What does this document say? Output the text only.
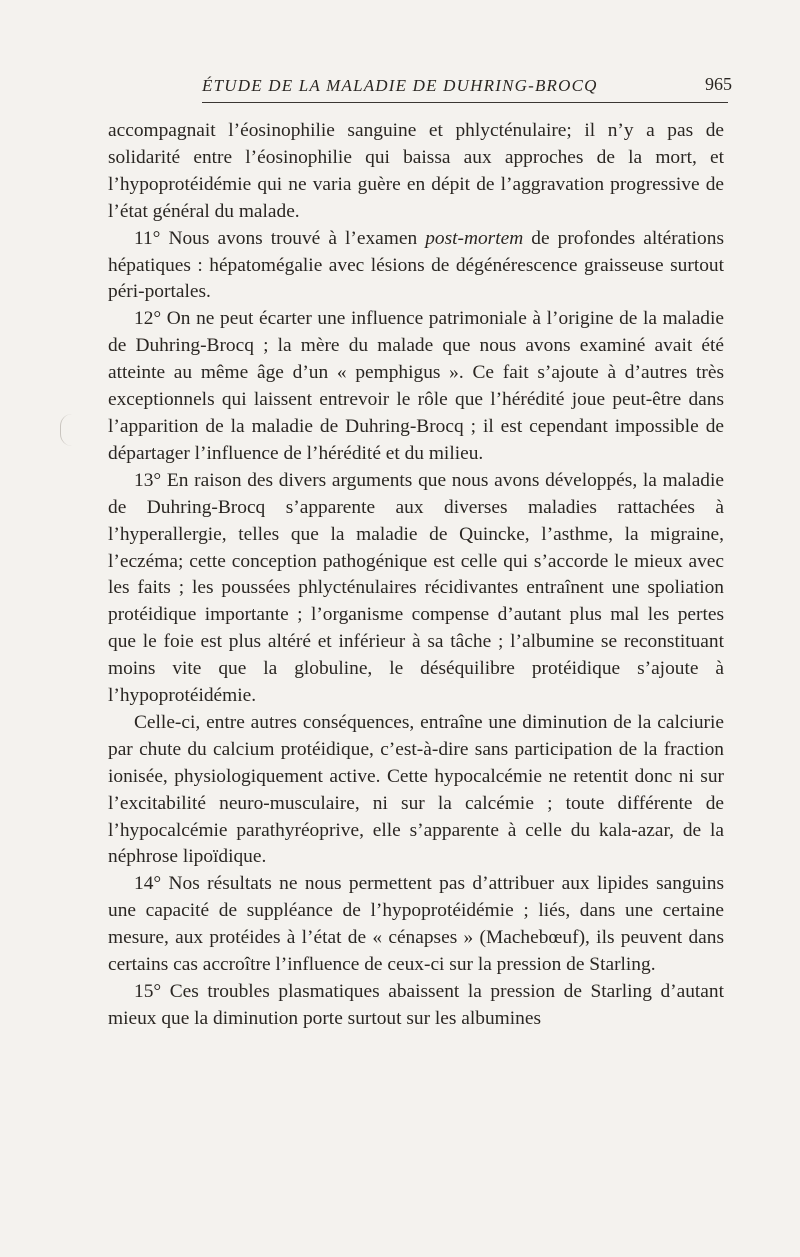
ÉTUDE DE LA MALADIE DE DUHRING-BROCQ	965

accompagnait l’éosinophilie sanguine et phlycténulaire; il n’y a pas de solidarité entre l’éosinophilie qui baissa aux approches de la mort, et l’hypoprotéidémie qui ne varia guère en dépit de l’aggravation progressive de l’état général du malade.

11° Nous avons trouvé à l’examen post-mortem de profondes altérations hépatiques : hépatomégalie avec lésions de dégénérescence graisseuse surtout péri-portales.

12° On ne peut écarter une influence patrimoniale à l’origine de la maladie de Duhring-Brocq ; la mère du malade que nous avons examiné avait été atteinte au même âge d’un « pemphigus ». Ce fait s’ajoute à d’autres très exceptionnels qui laissent entrevoir le rôle que l’hérédité joue peut-être dans l’apparition de la maladie de Duhring-Brocq ; il est cependant impossible de départager l’influence de l’hérédité et du milieu.

13° En raison des divers arguments que nous avons développés, la maladie de Duhring-Brocq s’apparente aux diverses maladies rattachées à l’hyperallergie, telles que la maladie de Quincke, l’asthme, la migraine, l’eczéma; cette conception pathogénique est celle qui s’accorde le mieux avec les faits ; les poussées phlycténulaires récidivantes entraînent une spoliation protéidique importante ; l’organisme compense d’autant plus mal les pertes que le foie est plus altéré et inférieur à sa tâche ; l’albumine se reconstituant moins vite que la globuline, le déséquilibre protéidique s’ajoute à l’hypoprotéidémie.

Celle-ci, entre autres conséquences, entraîne une diminution de la calciurie par chute du calcium protéidique, c’est-à-dire sans participation de la fraction ionisée, physiologiquement active. Cette hypocalcémie ne retentit donc ni sur l’excitabilité neuro-musculaire, ni sur la calcémie ; toute différente de l’hypocalcémie parathyréoprive, elle s’apparente à celle du kala-azar, de la néphrose lipoïdique.

14° Nos résultats ne nous permettent pas d’attribuer aux lipides sanguins une capacité de suppléance de l’hypoprotéidémie ; liés, dans une certaine mesure, aux protéides à l’état de « cénapses » (Machebœuf), ils peuvent dans certains cas accroître l’influence de ceux-ci sur la pression de Starling.

15° Ces troubles plasmatiques abaissent la pression de Starling d’autant mieux que la diminution porte surtout sur les albumines
